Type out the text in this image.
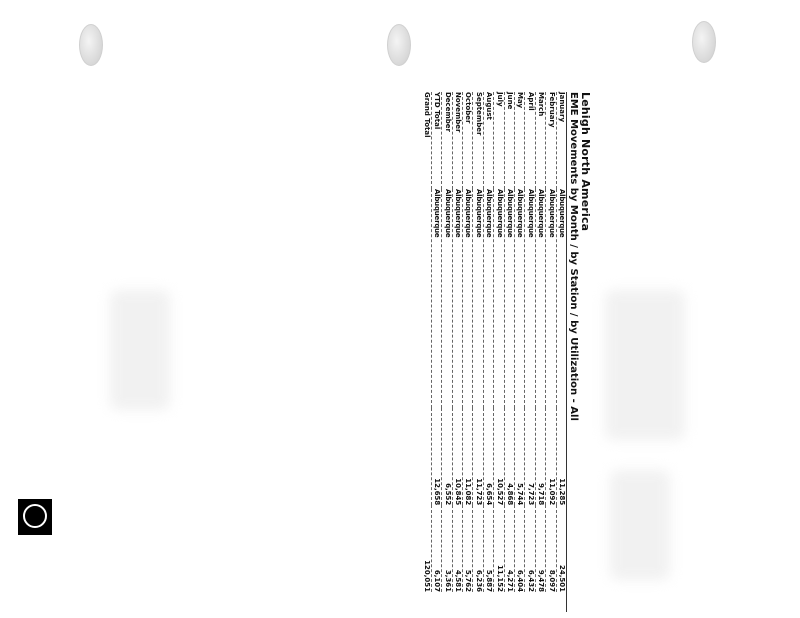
Lehigh North America
EME Movements by Month / by Station / by Utilization - All
January	Albuquerque	11,285	24,501

February	Albuquerque	11,092	8,097

March	Albuquerque	9,718	9,478

April	Albuquerque	7,723	6,432

May	Albuquerque	5,744	6,404

June	Albuquerque	4,868	4,271

July	Albuquerque	10,527	11,152

August	Albuquerque	6,654	5,887

September	Albuquerque	11,723	6,236

October	Albuquerque	11,082	5,762

November	Albuquerque	10,845	4,581

December	Albuquerque	6,552	3,361

YTD Total	Albuquerque	12,658	6,107

Grand Total			120,051
